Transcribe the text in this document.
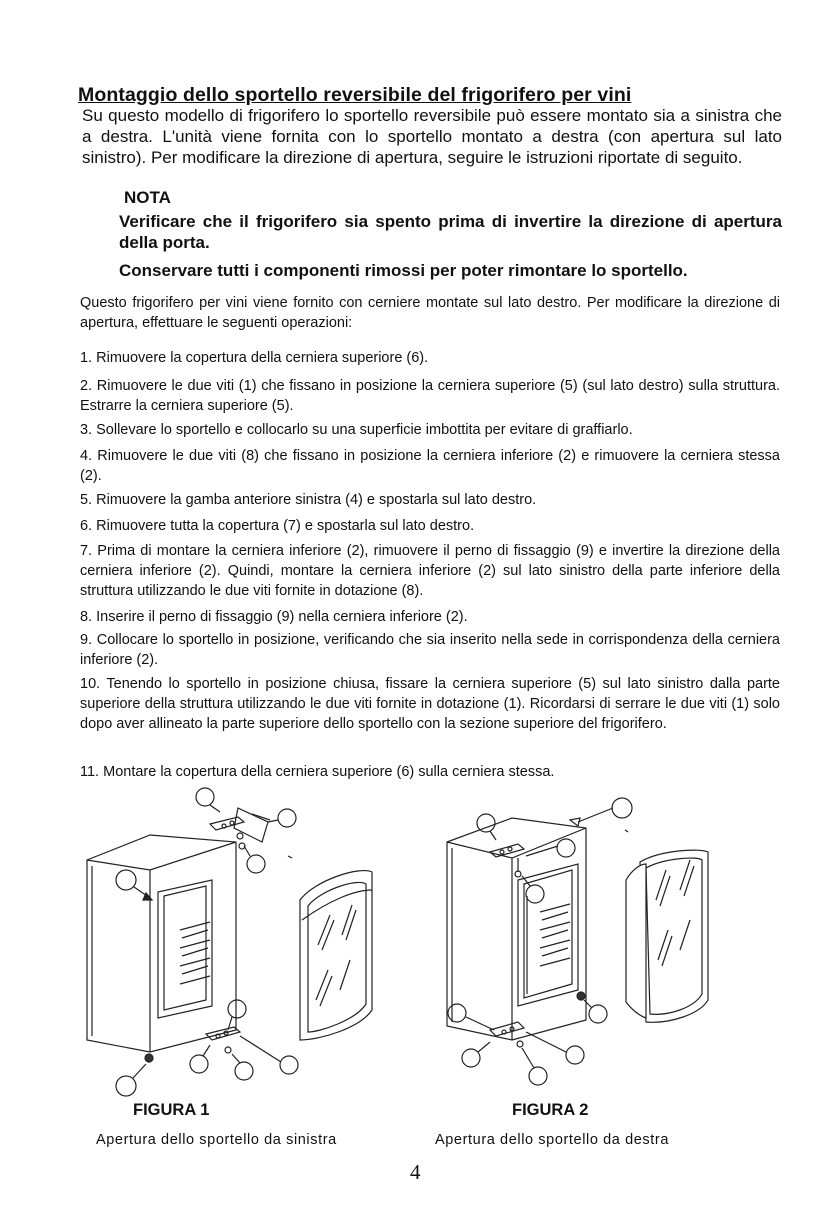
Montaggio dello sportello reversibile del frigorifero per vini
Su questo modello di frigorifero lo sportello reversibile può essere montato sia a sinistra che a destra. L'unità viene fornita con lo sportello montato a destra (con apertura sul lato sinistro). Per modificare la direzione di apertura, seguire le istruzioni riportate di seguito.
NOTA
Verificare che il frigorifero sia spento prima di invertire la direzione di apertura della porta.
Conservare tutti i componenti rimossi per poter rimontare lo sportello.
Questo frigorifero per vini viene fornito con cerniere montate sul lato destro. Per modificare la direzione di apertura, effettuare le seguenti operazioni:
1. Rimuovere la copertura della cerniera superiore (6).
2. Rimuovere le due viti (1) che fissano in posizione la cerniera superiore (5) (sul lato destro) sulla struttura. Estrarre la cerniera superiore (5).
3. Sollevare lo sportello e collocarlo su una superficie imbottita per evitare di graffiarlo.
4. Rimuovere le due viti (8) che fissano in posizione la cerniera inferiore (2) e rimuovere la cerniera stessa (2).
5. Rimuovere la gamba anteriore sinistra (4) e spostarla sul lato destro.
6. Rimuovere tutta la copertura (7) e spostarla sul lato destro.
7. Prima di montare la cerniera inferiore (2), rimuovere il perno di fissaggio (9) e invertire la direzione della cerniera inferiore (2). Quindi, montare la cerniera inferiore (2) sul lato sinistro della parte inferiore della struttura utilizzando le due viti fornite in dotazione (8).
8. Inserire il perno di fissaggio (9) nella cerniera inferiore (2).
9. Collocare lo sportello in posizione, verificando che sia inserito nella sede in corrispondenza della cerniera inferiore (2).
10. Tenendo lo sportello in posizione chiusa, fissare la cerniera superiore (5) sul lato sinistro dalla parte superiore della struttura utilizzando le due viti fornite in dotazione (1). Ricordarsi di serrare le due viti (1) solo dopo aver allineato la parte superiore dello sportello con la sezione superiore del frigorifero.
11. Montare la copertura della cerniera superiore (6) sulla cerniera stessa.
FIGURA 1	FIGURA 2
Apertura dello sportello da sinistra	Apertura dello sportello da destra
4
